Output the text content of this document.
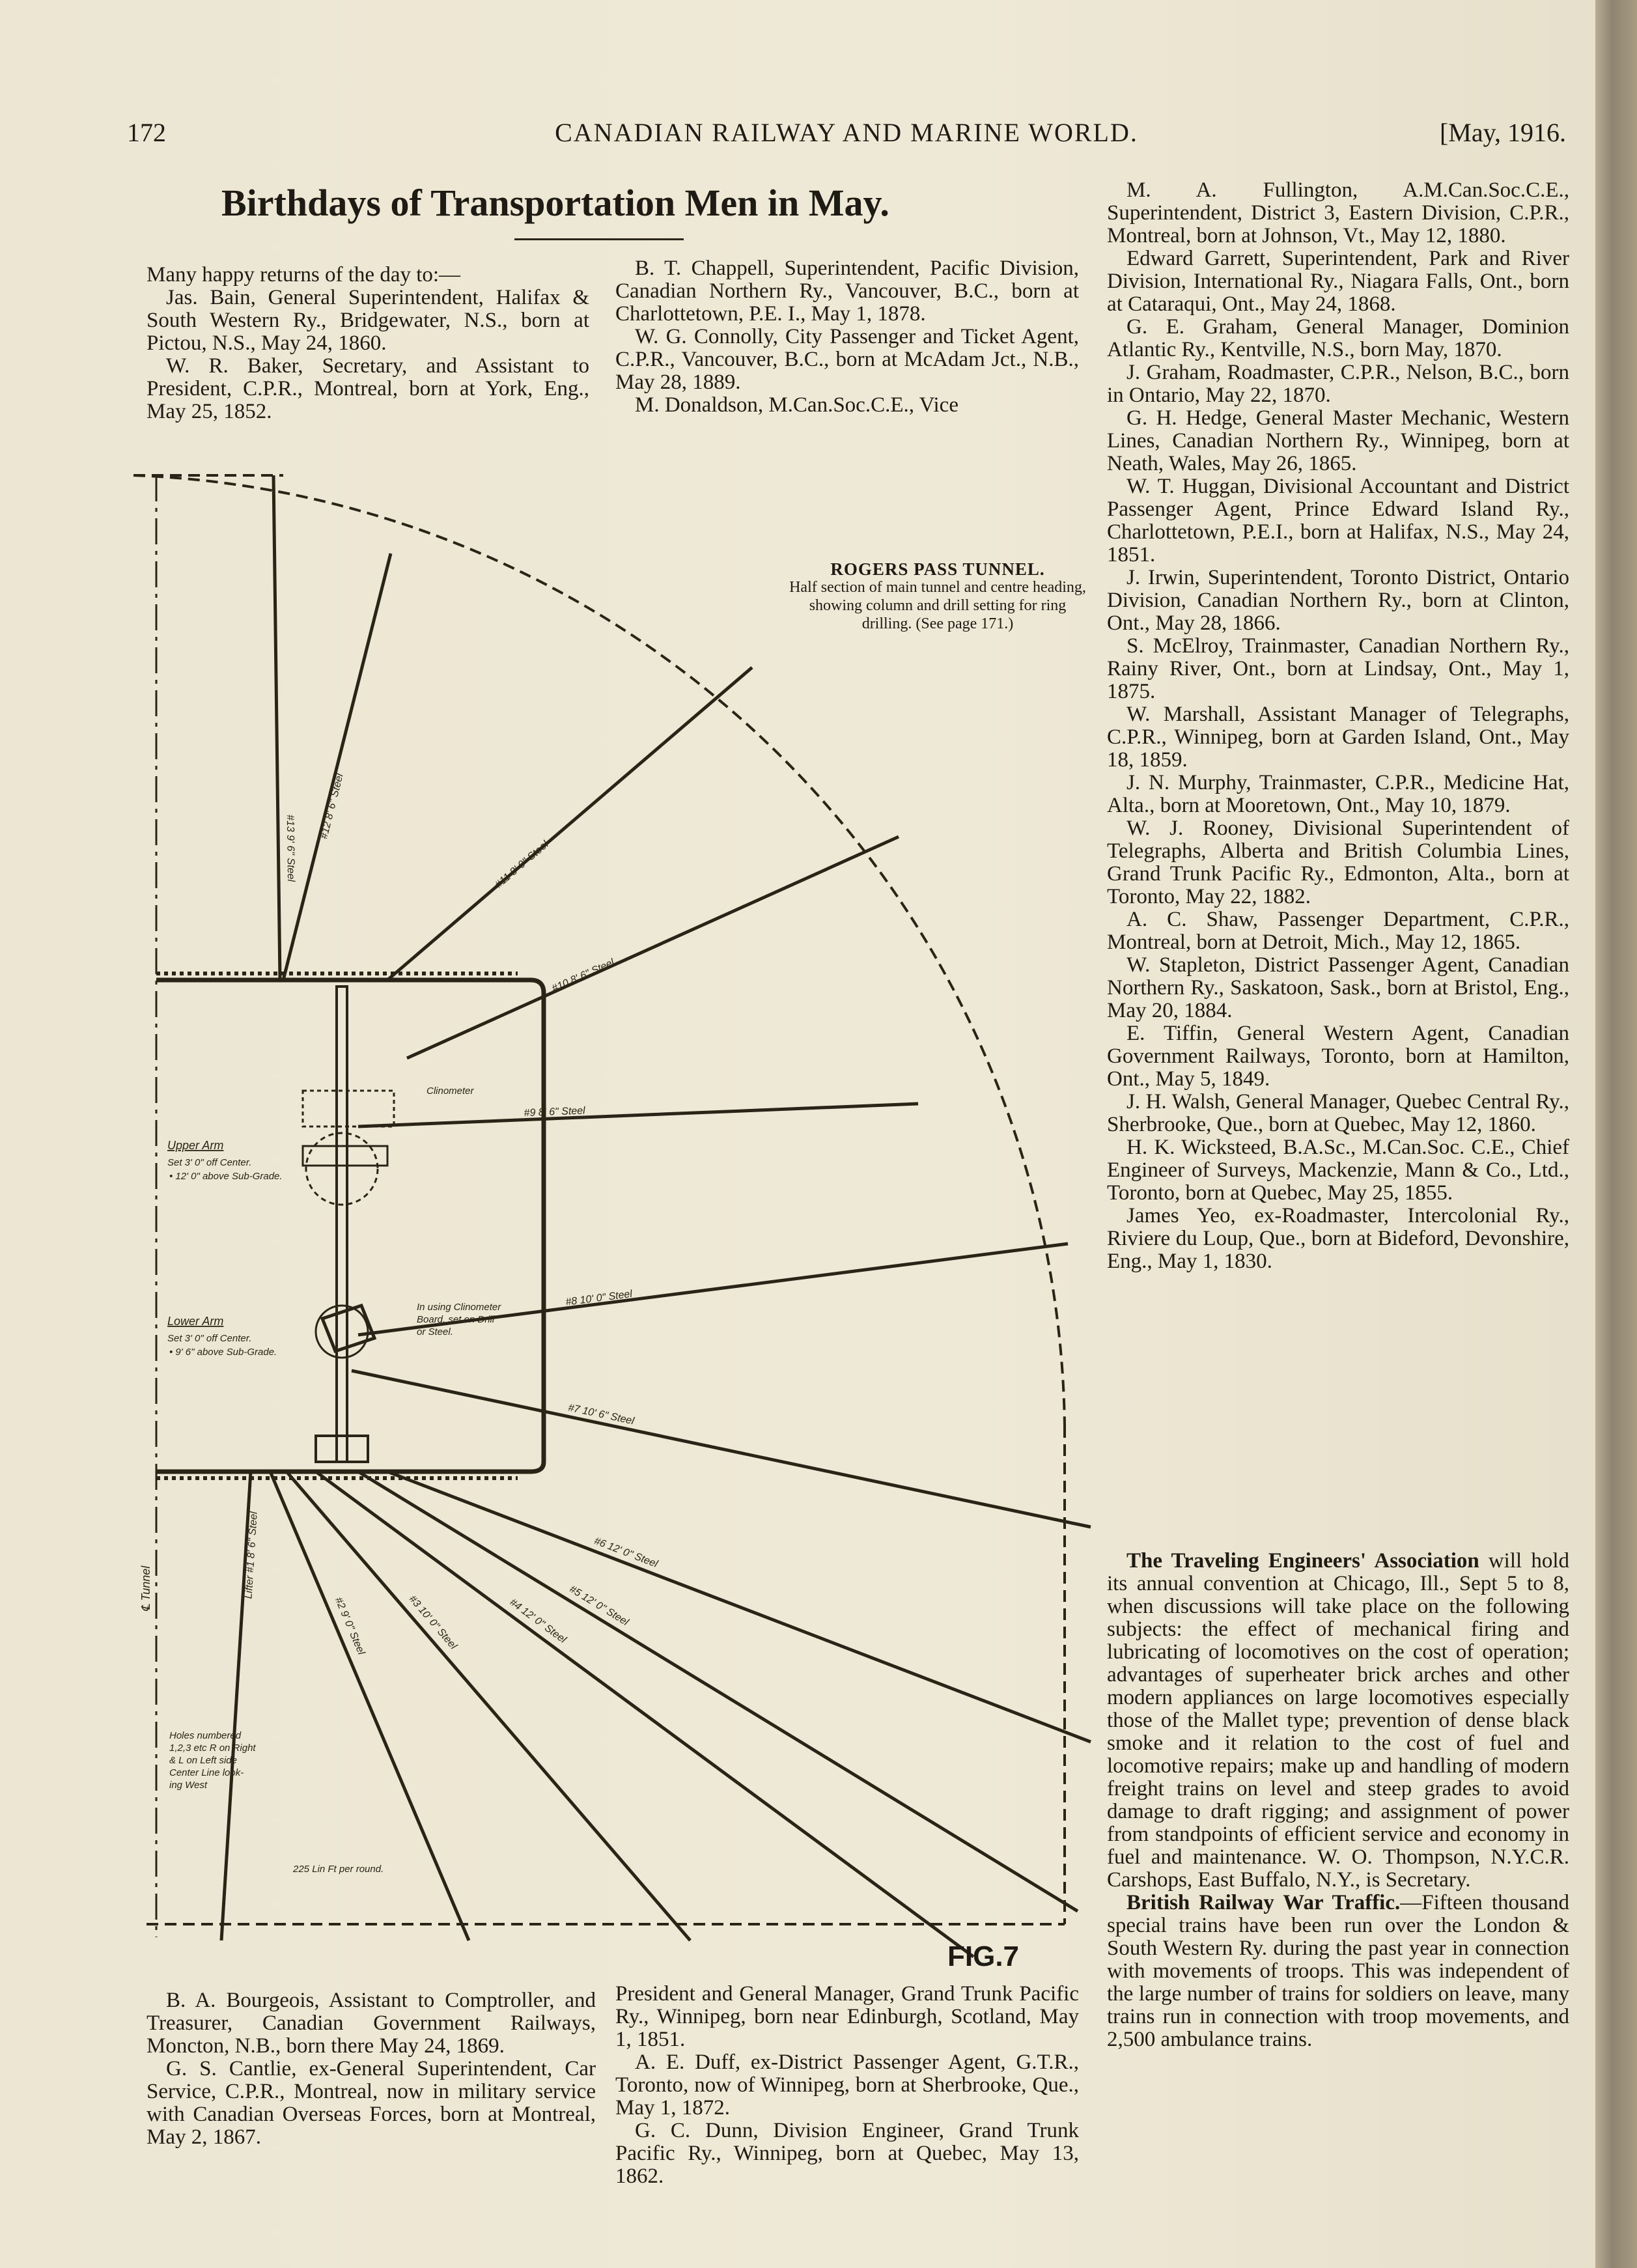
172	CANADIAN RAILWAY AND MARINE WORLD.	[May, 1916.
Birthdays of Transportation Men in May.

Many happy returns of the day to:—

Jas. Bain, General Superintendent, Halifax & South Western Ry., Bridgewater, N.S., born at Pictou, N.S., May 24, 1860.

W. R. Baker, Secretary, and Assistant to President, C.P.R., Montreal, born at York, Eng., May 25, 1852.

B. T. Chappell, Superintendent, Pacific Division, Canadian Northern Ry., Vancouver, B.C., born at Charlottetown, P.E. I., May 1, 1878.

W. G. Connolly, City Passenger and Ticket Agent, C.P.R., Vancouver, B.C., born at McAdam Jct., N.B., May 28, 1889.

M. Donaldson, M.Can.Soc.C.E., Vice

M. A. Fullington, A.M.Can.Soc.C.E., Superintendent, District 3, Eastern Division, C.P.R., Montreal, born at Johnson, Vt., May 12, 1880.

Edward Garrett, Superintendent, Park and River Division, International Ry., Niagara Falls, Ont., born at Cataraqui, Ont., May 24, 1868.

G. E. Graham, General Manager, Dominion Atlantic Ry., Kentville, N.S., born May, 1870.

J. Graham, Roadmaster, C.P.R., Nelson, B.C., born in Ontario, May 22, 1870.

G. H. Hedge, General Master Mechanic, Western Lines, Canadian Northern Ry., Winnipeg, born at Neath, Wales, May 26, 1865.

W. T. Huggan, Divisional Accountant and District Passenger Agent, Prince Edward Island Ry., Charlottetown, P.E.I., born at Halifax, N.S., May 24, 1851.

J. Irwin, Superintendent, Toronto District, Ontario Division, Canadian Northern Ry., born at Clinton, Ont., May 28, 1866.

S. McElroy, Trainmaster, Canadian Northern Ry., Rainy River, Ont., born at Lindsay, Ont., May 1, 1875.

W. Marshall, Assistant Manager of Telegraphs, C.P.R., Winnipeg, born at Garden Island, Ont., May 18, 1859.

J. N. Murphy, Trainmaster, C.P.R., Medicine Hat, Alta., born at Mooretown, Ont., May 10, 1879.

W. J. Rooney, Divisional Superintendent of Telegraphs, Alberta and British Columbia Lines, Grand Trunk Pacific Ry., Edmonton, Alta., born at Toronto, May 22, 1882.

A. C. Shaw, Passenger Department, C.P.R., Montreal, born at Detroit, Mich., May 12, 1865.

W. Stapleton, District Passenger Agent, Canadian Northern Ry., Saskatoon, Sask., born at Bristol, Eng., May 20, 1884.

E. Tiffin, General Western Agent, Canadian Government Railways, Toronto, born at Hamilton, Ont., May 5, 1849.

J. H. Walsh, General Manager, Quebec Central Ry., Sherbrooke, Que., born at Quebec, May 12, 1860.

H. K. Wicksteed, B.A.Sc., M.Can.Soc. C.E., Chief Engineer of Surveys, Mackenzie, Mann & Co., Ltd., Toronto, born at Quebec, May 25, 1855.

James Yeo, ex-Roadmaster, Intercolonial Ry., Riviere du Loup, Que., born at Bideford, Devonshire, Eng., May 1, 1830.

The Traveling Engineers' Association will hold its annual convention at Chicago, Ill., Sept 5 to 8, when discussions will take place on the following subjects: the effect of mechanical firing and lubricating of locomotives on the cost of operation; advantages of superheater brick arches and other modern appliances on large locomotives especially those of the Mallet type; prevention of dense black smoke and it relation to the cost of fuel and locomotive repairs; make up and handling of modern freight trains on level and steep grades to avoid damage to draft rigging; and assignment of power from standpoints of efficient service and economy in fuel and maintenance. W. O. Thompson, N.Y.C.R. Carshops, East Buffalo, N.Y., is Secretary.

British Railway War Traffic.—Fifteen thousand special trains have been run over the London & South Western Ry. during the past year in connection with movements of troops. This was independent of the large number of trains for soldiers on leave, many trains run in connection with troop movements, and 2,500 ambulance trains.

B. A. Bourgeois, Assistant to Comptroller, and Treasurer, Canadian Government Railways, Moncton, N.B., born there May 24, 1869.

G. S. Cantlie, ex-General Superintendent, Car Service, C.P.R., Montreal, now in military service with Canadian Overseas Forces, born at Montreal, May 2, 1867.

President and General Manager, Grand Trunk Pacific Ry., Winnipeg, born near Edinburgh, Scotland, May 1, 1851.

A. E. Duff, ex-District Passenger Agent, G.T.R., Toronto, now of Winnipeg, born at Sherbrooke, Que., May 1, 1872.

G. C. Dunn, Division Engineer, Grand Trunk Pacific Ry., Winnipeg, born at Quebec, May 13, 1862.

#13 9' 6" Steel
#12 8' 6" Steel
#11 8' 0" Steel
#10 8' 6" Steel
#9 8' 6" Steel
#8 10' 0" Steel
#7 10' 6" Steel
#6 12' 0" Steel
#5 12' 0" Steel
#4 12' 0" Steel
#3 10' 0" Steel
#2 9' 0" Steel
Lifter #1 8' 6" Steel
Clinometer
Upper Arm
Set 3' 0" off Center.
• 12' 0" above Sub-Grade.
Lower Arm
Set 3' 0" off Center.
• 9' 6" above Sub-Grade.
In using Clinometer
Board, set on Drill
or Steel.
℄ Tunnel
Holes numbered
1,2,3 etc R on Right
& L on Left side
Center Line look-
ing West
225 Lin Ft per round.
ROGERS PASS TUNNEL.
Half section of main tunnel and centre heading, showing column and drill setting for ring drilling. (See page 171.)
FIG.7
